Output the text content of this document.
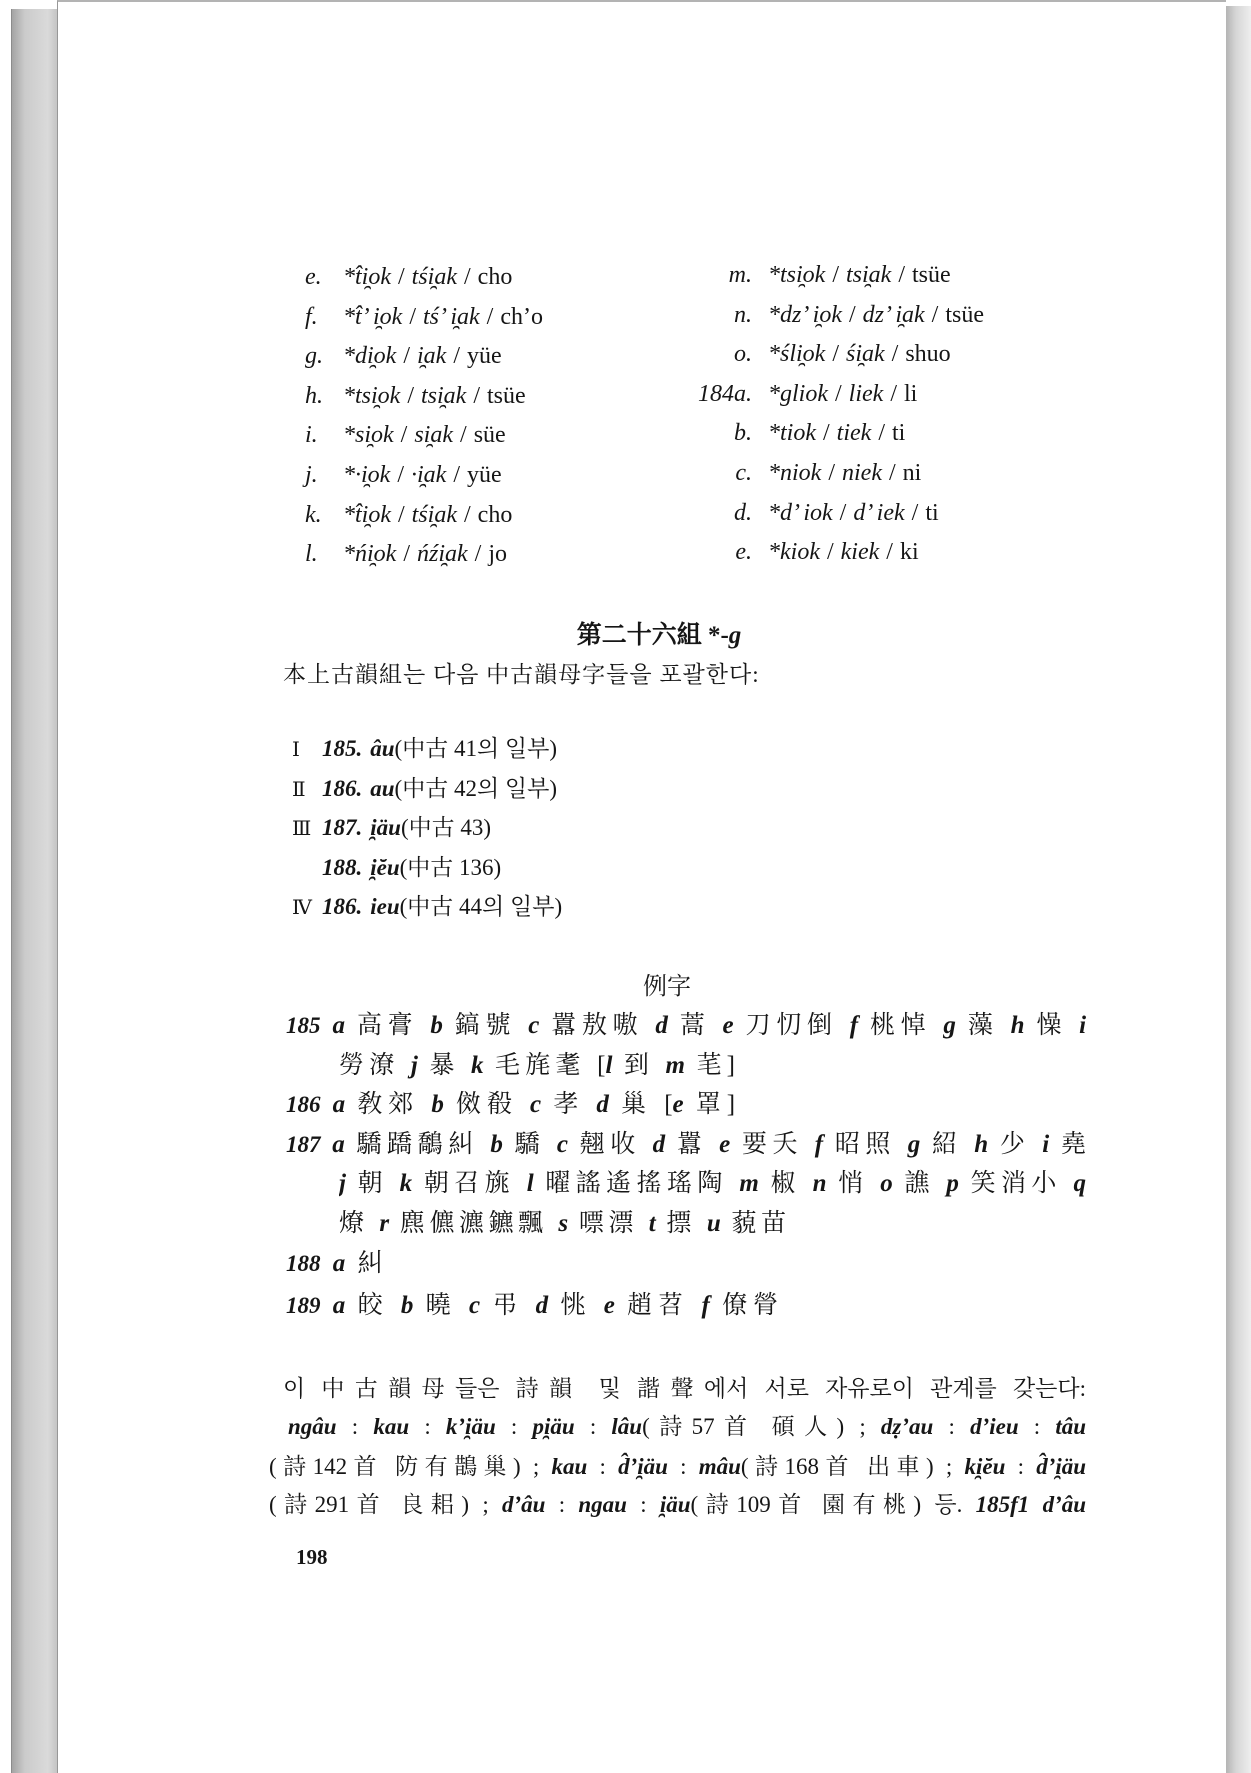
e. *t̂i̯ok / tśi̯ak / cho
f. *t̂’ i̯ok / tś’ i̯ak / ch’o
g. *di̯ok / i̯ak / yüe
h. *tsi̯ok / tsi̯ak / tsüe
i. *si̯ok / si̯ak / süe
j. *·i̯ok / ·i̯ak / yüe
k. *t̂i̯ok / tśi̯ak / cho
l. *ńi̯ok / ńźi̯ak / jo
m. *tsi̯ok / tsi̯ak / tsüe
n. *dz’ i̯ok / dz’ i̯ak / tsüe
o. *śli̯ok / śi̯ak / shuo
184a. *gliok / liek / li
b. *tiok / tiek / ti
c. *niok / niek / ni
d. *d’ iok / d’ iek / ti
e. *kiok / kiek / ki
第二十六組 *-g
本上古韻組는 다음 中古韻母字들을 포괄한다:
Ⅰ 185. âu(中古 41의 일부)
Ⅱ 186. au(中古 42의 일부)
Ⅲ 187. i̯äu(中古 43)
188. i̯ĕu(中古 136)
Ⅳ 186. ieu(中古 44의 일부)
例字
185 a 高膏 b 鎬號 c 囂敖嗷 d 蒿 e 刀忉倒 f 桃悼 g 藻 h 懆 i
勞潦 j 暴 k 毛旄耄 [l 到 m 芼]
186 a 敎郊 b 傚殽 c 孝 d 巢 [e 罩]
187 a 驕蹻鷮糾 b 驕 c 翹收 d 囂 e 要夭 f 昭照 g 紹 h 少 i 堯
j 朝 k 朝召旐 l 曜謠遙搖瑤陶 m 椒 n 悄 o 譙 p 笑消小 q
燎 r 麃儦瀌鑣飄 s 嘌漂 t 摽 u 藐苗
188 a 糾
189 a 皎 b 曉 c 弔 d 恌 e 趙苕 f 僚膋
이 中古韻母들은 詩韻 및 諧聲에서 서로 자유로이 관계를 갖는다:
ngâu : kau : k’i̯äu : pi̯äu : lâu(詩57首 碩人) ; dẓ’au : d’ieu : tâu
(詩142首 防有鵲巢) ; kau : d̂’i̯äu : mâu(詩168首 出車) ; ki̯ĕu : d̂’i̯äu
(詩291首 良耜) ; d’âu : ngau : i̯äu(詩109首 園有桃) 등. 185f1 d’âu
198
